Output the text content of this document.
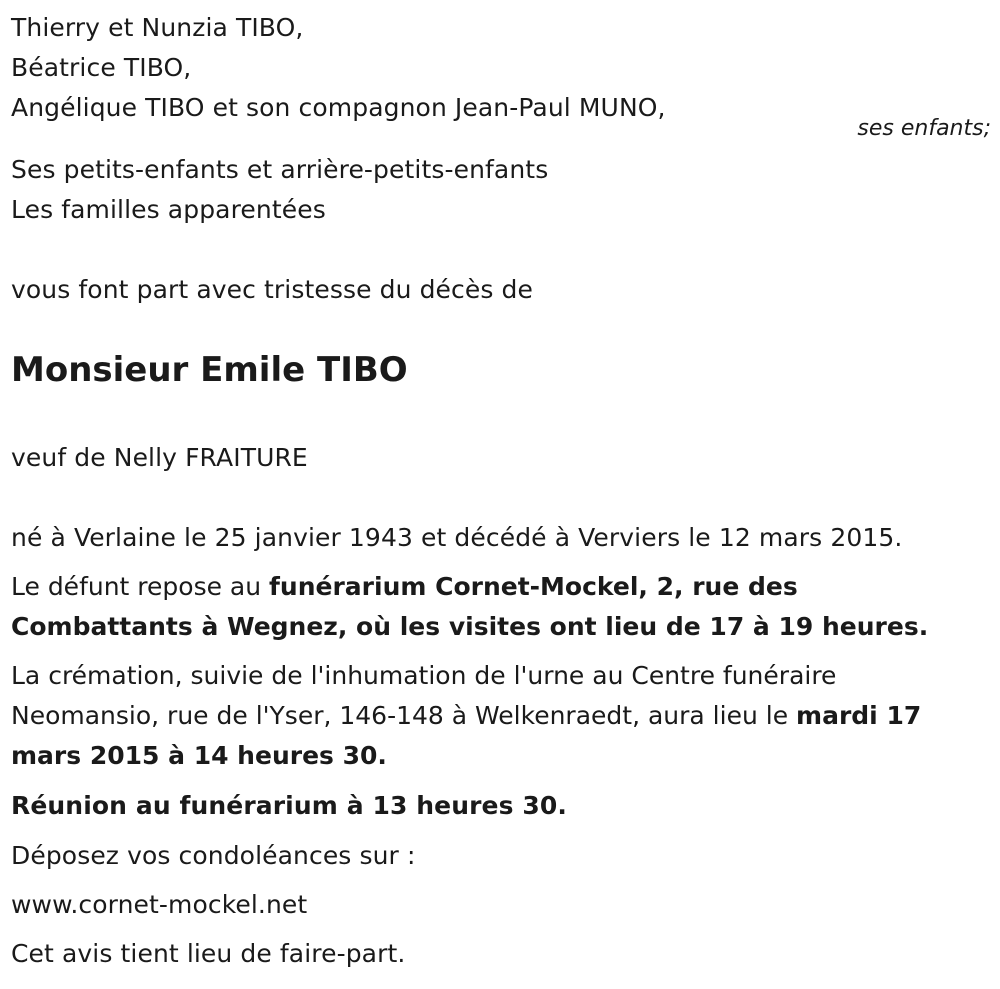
Thierry et Nunzia TIBO,
Béatrice TIBO,
Angélique TIBO et son compagnon Jean-Paul MUNO,
ses enfants;
Ses petits-enfants et arrière-petits-enfants
Les familles apparentées
vous font part avec tristesse du décès de
Monsieur Emile TIBO
veuf de Nelly FRAITURE
né à Verlaine le 25 janvier 1943 et décédé à Verviers le 12 mars 2015.
Le défunt repose au funérarium Cornet-Mockel, 2, rue des Combattants à Wegnez, où les visites ont lieu de 17 à 19 heures.
La crémation, suivie de l'inhumation de l'urne au Centre funéraire Neomansio, rue de l'Yser, 146-148 à Welkenraedt, aura lieu le mardi 17 mars 2015 à 14 heures 30.
Réunion au funérarium à 13 heures 30.
Déposez vos condoléances sur :
www.cornet-mockel.net
Cet avis tient lieu de faire-part.
